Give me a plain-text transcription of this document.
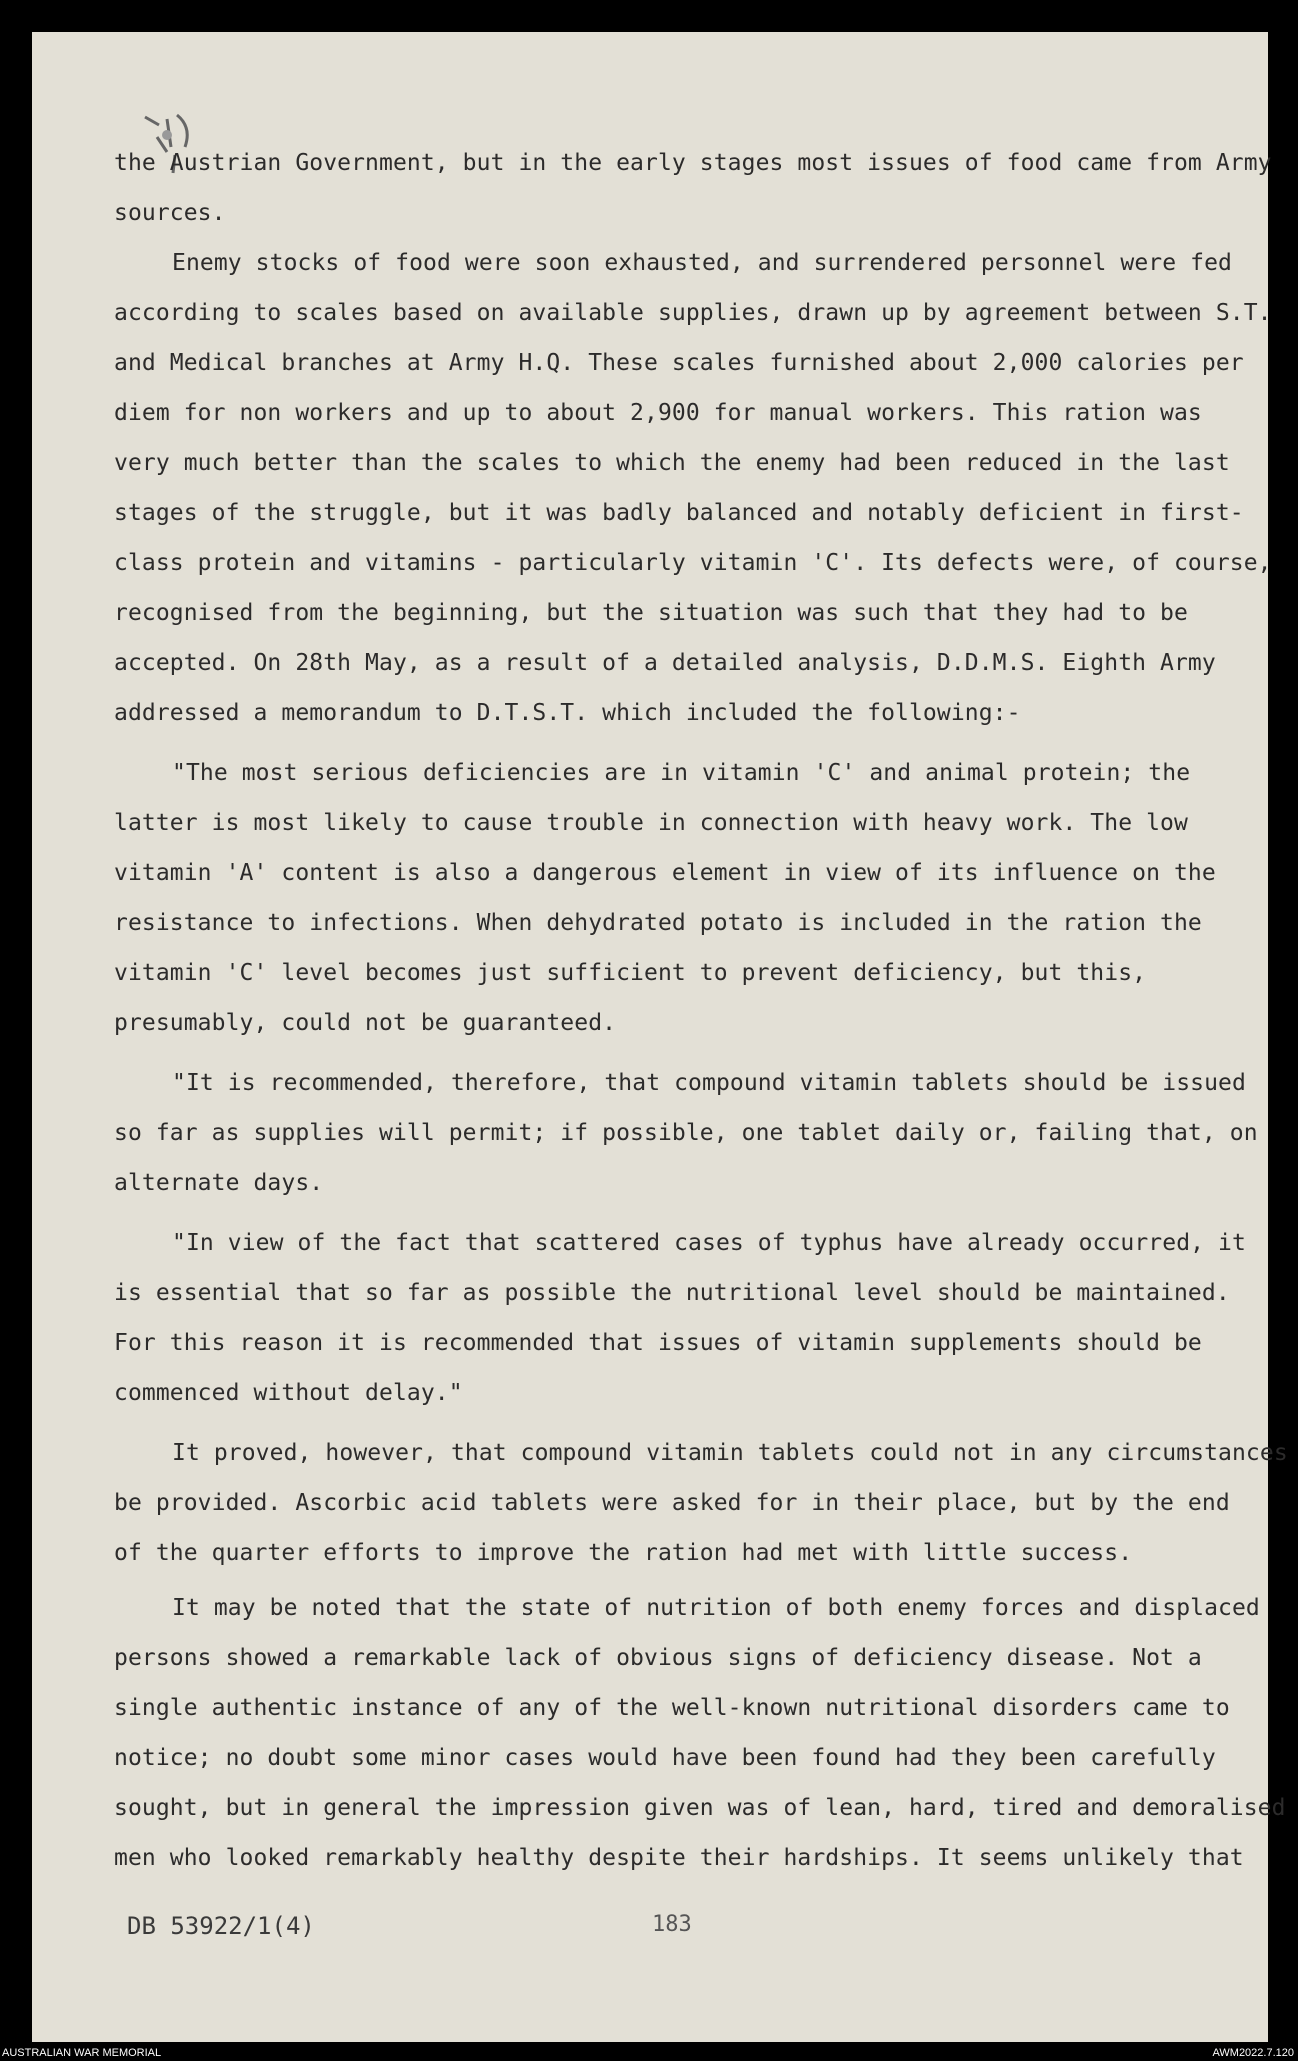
the Austrian Government, but in the early stages most issues of food came from Army
sources.
Enemy stocks of food were soon exhausted, and surrendered personnel were fed
according to scales based on available supplies, drawn up by agreement between S.T.
and Medical branches at Army H.Q. These scales furnished about 2,000 calories per
diem for non workers and up to about 2,900 for manual workers. This ration was
very much better than the scales to which the enemy had been reduced in the last
stages of the struggle, but it was badly balanced and notably deficient in first-
class protein and vitamins - particularly vitamin 'C'. Its defects were, of course,
recognised from the beginning, but the situation was such that they had to be
accepted. On 28th May, as a result of a detailed analysis, D.D.M.S. Eighth Army
addressed a memorandum to D.T.S.T. which included the following:-
"The most serious deficiencies are in vitamin 'C' and animal protein; the
latter is most likely to cause trouble in connection with heavy work. The low
vitamin 'A' content is also a dangerous element in view of its influence on the
resistance to infections. When dehydrated potato is included in the ration the
vitamin 'C' level becomes just sufficient to prevent deficiency, but this,
presumably, could not be guaranteed.
"It is recommended, therefore, that compound vitamin tablets should be issued
so far as supplies will permit; if possible, one tablet daily or, failing that, on
alternate days.
"In view of the fact that scattered cases of typhus have already occurred, it
is essential that so far as possible the nutritional level should be maintained.
For this reason it is recommended that issues of vitamin supplements should be
commenced without delay."
It proved, however, that compound vitamin tablets could not in any circumstances
be provided. Ascorbic acid tablets were asked for in their place, but by the end
of the quarter efforts to improve the ration had met with little success.
It may be noted that the state of nutrition of both enemy forces and displaced
persons showed a remarkable lack of obvious signs of deficiency disease. Not a
single authentic instance of any of the well-known nutritional disorders came to
notice; no doubt some minor cases would have been found had they been carefully
sought, but in general the impression given was of lean, hard, tired and demoralised
men who looked remarkably healthy despite their hardships. It seems unlikely that
DB 53922/1(4)	183
AUSTRALIAN WAR MEMORIAL	AWM2022.7.120
